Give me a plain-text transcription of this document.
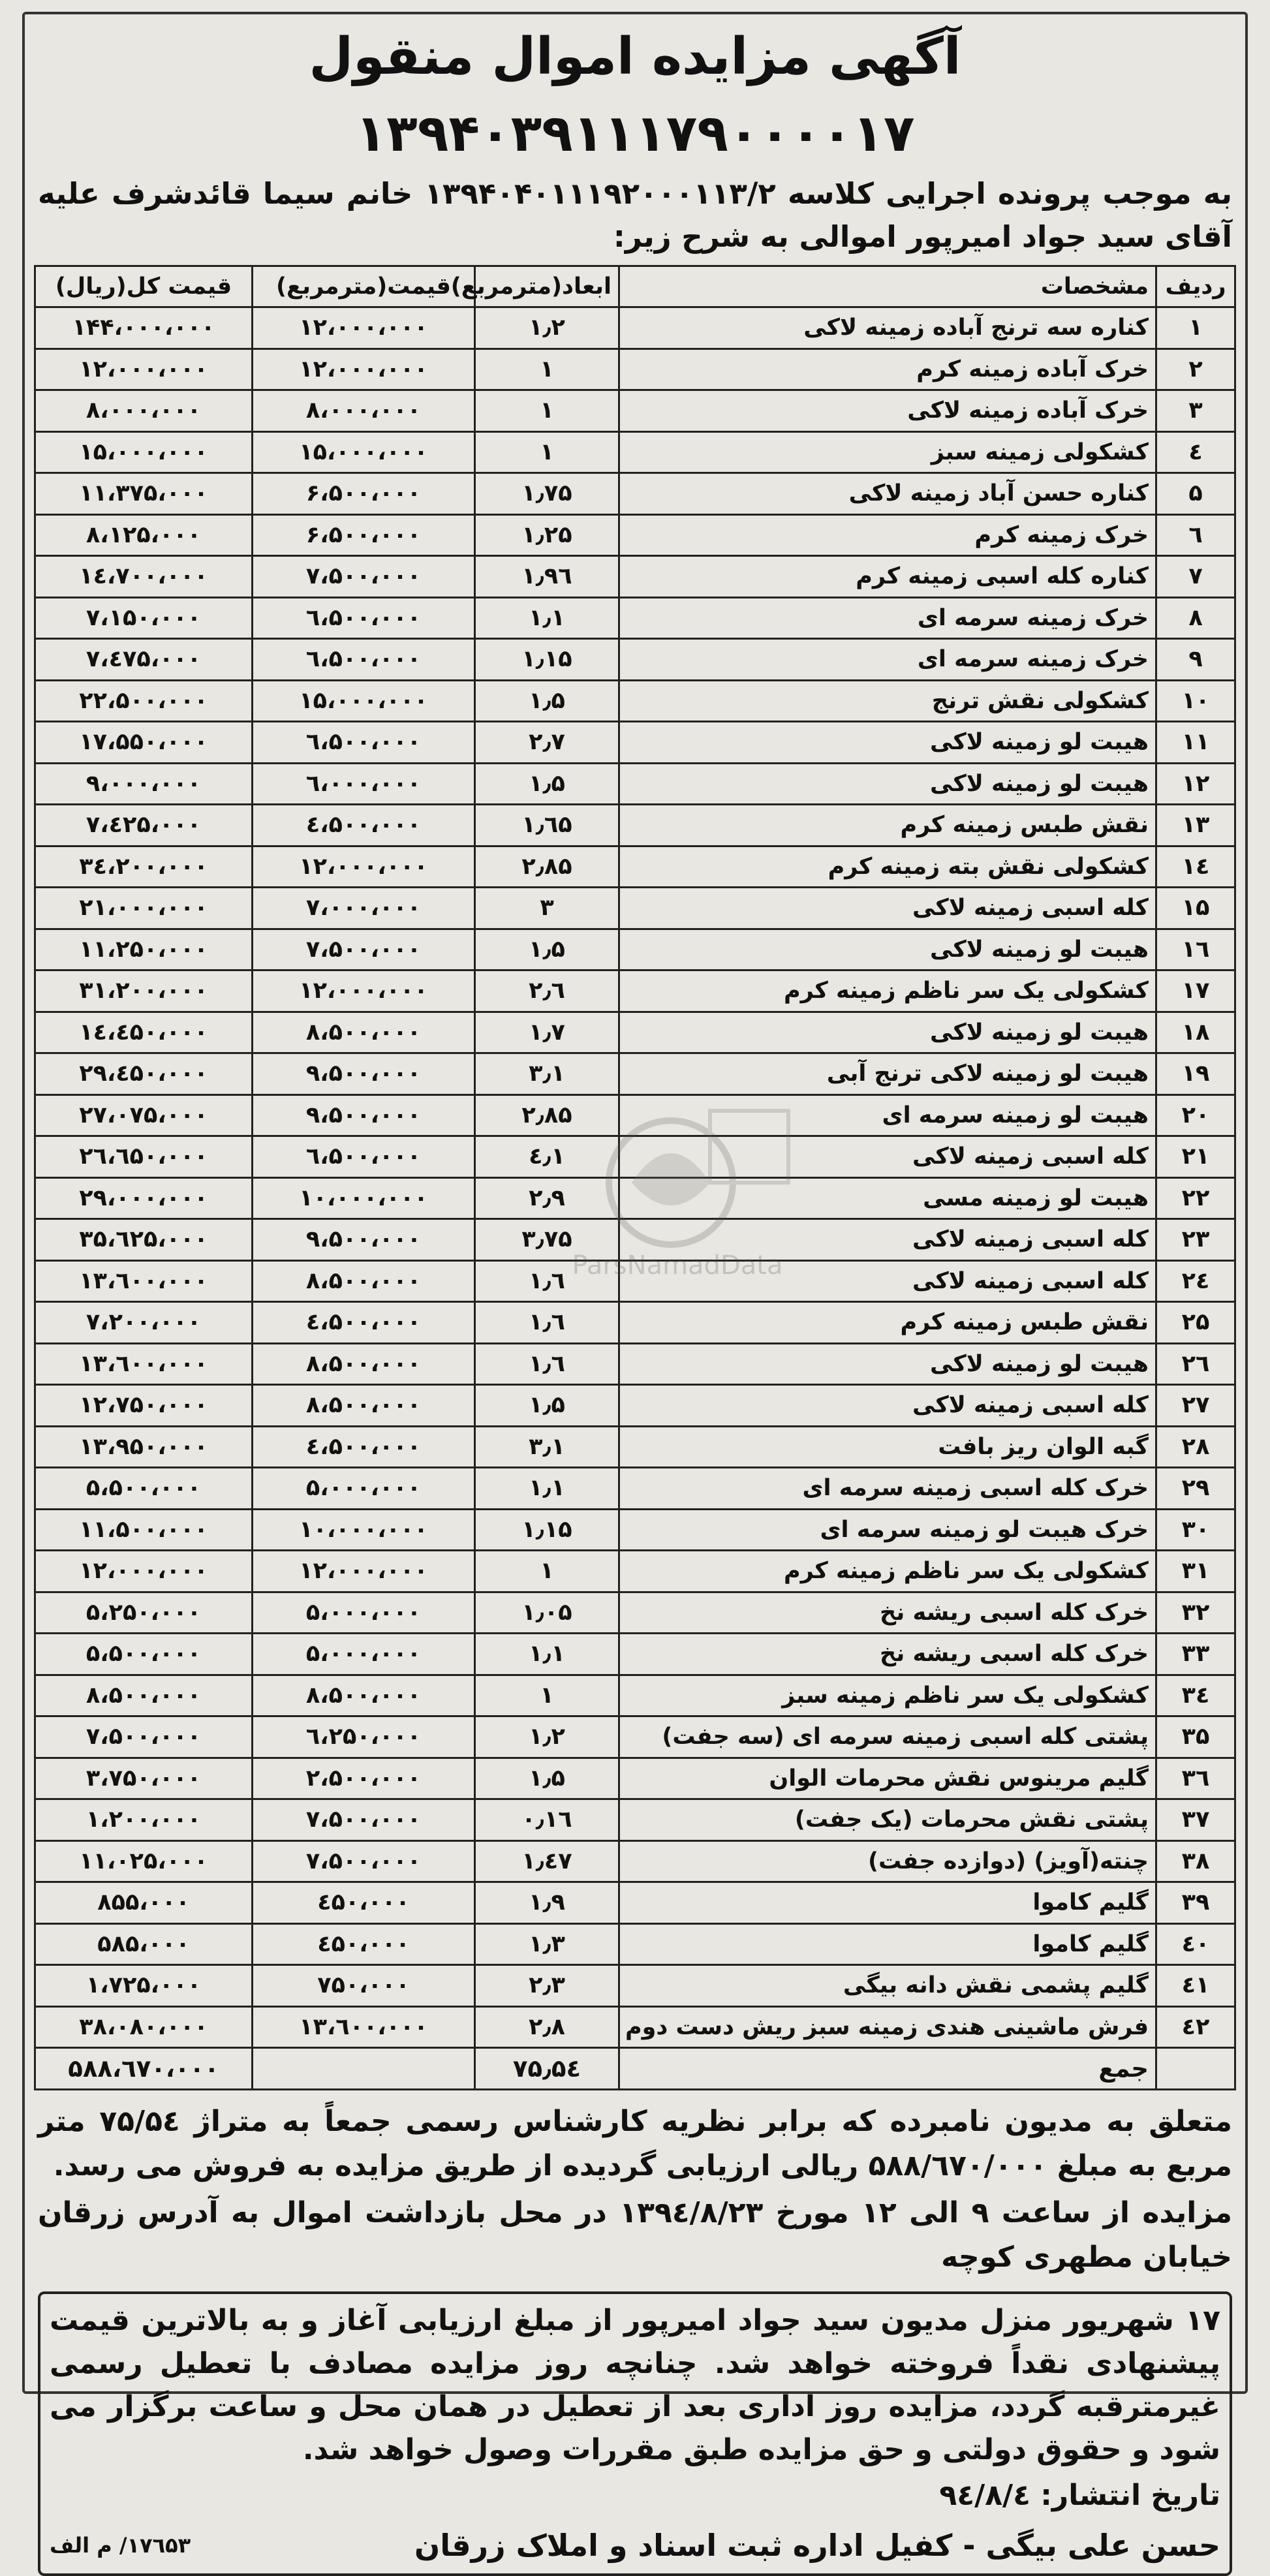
آگهی مزایده اموال منقول ۱۳۹۴۰۳۹۱۱۱۷۹۰۰۰۰۱۷

به موجب پرونده اجرایی کلاسه ۱۳۹۴۰۴۰۱۱۱۹۲۰۰۰۱۱۳/۲ خانم سیما قائدشرف علیه آقای سید جواد امیرپور اموالی به شرح زیر:

ردیف	مشخصات	ابعاد(مترمربع)	قیمت(مترمربع)	قیمت کل(ریال)
۱	کناره سه ترنج آباده زمینه لاکی	۱٫۲	۱۲،۰۰۰،۰۰۰	۱۴۴،۰۰۰،۰۰۰
۲	خرک آباده زمینه کرم	۱	۱۲،۰۰۰،۰۰۰	۱۲،۰۰۰،۰۰۰
۳	خرک آباده زمینه لاکی	۱	۸،۰۰۰،۰۰۰	۸،۰۰۰،۰۰۰
٤	کشکولی زمینه سبز	۱	۱۵،۰۰۰،۰۰۰	۱۵،۰۰۰،۰۰۰
۵	کناره حسن آباد زمینه لاکی	۱٫۷۵	۶،۵۰۰،۰۰۰	۱۱،۳۷۵،۰۰۰
٦	خرک زمینه کرم	۱٫۲۵	۶،۵۰۰،۰۰۰	۸،۱۲۵،۰۰۰
۷	کناره کله اسبی زمینه کرم	۱٫۹٦	۷،۵۰۰،۰۰۰	۱٤،۷۰۰،۰۰۰
۸	خرک زمینه سرمه ای	۱٫۱	٦،۵۰۰،۰۰۰	۷،۱۵۰،۰۰۰
۹	خرک زمینه سرمه ای	۱٫۱۵	٦،۵۰۰،۰۰۰	۷،٤۷۵،۰۰۰
۱۰	کشکولی نقش ترنج	۱٫۵	۱۵،۰۰۰،۰۰۰	۲۲،۵۰۰،۰۰۰
۱۱	هیبت لو زمینه لاکی	۲٫۷	٦،۵۰۰،۰۰۰	۱۷،۵۵۰،۰۰۰
۱۲	هیبت لو زمینه لاکی	۱٫۵	٦،۰۰۰،۰۰۰	۹،۰۰۰،۰۰۰
۱۳	نقش طبس زمینه کرم	۱٫٦۵	٤،۵۰۰،۰۰۰	۷،٤۲۵،۰۰۰
۱٤	کشکولی نقش بته زمینه کرم	۲٫۸۵	۱۲،۰۰۰،۰۰۰	۳٤،۲۰۰،۰۰۰
۱۵	کله اسبی زمینه لاکی	۳	۷،۰۰۰،۰۰۰	۲۱،۰۰۰،۰۰۰
۱٦	هیبت لو زمینه لاکی	۱٫۵	۷،۵۰۰،۰۰۰	۱۱،۲۵۰،۰۰۰
۱۷	کشکولی یک سر ناظم زمینه کرم	۲٫٦	۱۲،۰۰۰،۰۰۰	۳۱،۲۰۰،۰۰۰
۱۸	هیبت لو زمینه لاکی	۱٫۷	۸،۵۰۰،۰۰۰	۱٤،٤۵۰،۰۰۰
۱۹	هیبت لو زمینه لاکی ترنج آبی	۳٫۱	۹،۵۰۰،۰۰۰	۲۹،٤۵۰،۰۰۰
۲۰	هیبت لو زمینه سرمه ای	۲٫۸۵	۹،۵۰۰،۰۰۰	۲۷،۰۷۵،۰۰۰
۲۱	کله اسبی زمینه لاکی	٤٫۱	٦،۵۰۰،۰۰۰	۲٦،٦۵۰،۰۰۰
۲۲	هیبت لو زمینه مسی	۲٫۹	۱۰،۰۰۰،۰۰۰	۲۹،۰۰۰،۰۰۰
۲۳	کله اسبی زمینه لاکی	۳٫۷۵	۹،۵۰۰،۰۰۰	۳۵،٦۲۵،۰۰۰
۲٤	کله اسبی زمینه لاکی	۱٫٦	۸،۵۰۰،۰۰۰	۱۳،٦۰۰،۰۰۰
۲۵	نقش طبس زمینه کرم	۱٫٦	٤،۵۰۰،۰۰۰	۷،۲۰۰،۰۰۰
۲٦	هیبت لو زمینه لاکی	۱٫٦	۸،۵۰۰،۰۰۰	۱۳،٦۰۰،۰۰۰
۲۷	کله اسبی زمینه لاکی	۱٫۵	۸،۵۰۰،۰۰۰	۱۲،۷۵۰،۰۰۰
۲۸	گبه الوان ریز بافت	۳٫۱	٤،۵۰۰،۰۰۰	۱۳،۹۵۰،۰۰۰
۲۹	خرک کله اسبی زمینه سرمه ای	۱٫۱	۵،۰۰۰،۰۰۰	۵،۵۰۰،۰۰۰
۳۰	خرک هیبت لو زمینه سرمه ای	۱٫۱۵	۱۰،۰۰۰،۰۰۰	۱۱،۵۰۰،۰۰۰
۳۱	کشکولی یک سر ناظم زمینه کرم	۱	۱۲،۰۰۰،۰۰۰	۱۲،۰۰۰،۰۰۰
۳۲	خرک کله اسبی ریشه نخ	۱٫۰۵	۵،۰۰۰،۰۰۰	۵،۲۵۰،۰۰۰
۳۳	خرک کله اسبی ریشه نخ	۱٫۱	۵،۰۰۰،۰۰۰	۵،۵۰۰،۰۰۰
۳٤	کشکولی یک سر ناظم زمینه سبز	۱	۸،۵۰۰،۰۰۰	۸،۵۰۰،۰۰۰
۳۵	پشتی کله اسبی زمینه سرمه ای (سه جفت)	۱٫۲	٦،۲۵۰،۰۰۰	۷،۵۰۰،۰۰۰
۳٦	گلیم مرینوس نقش محرمات الوان	۱٫۵	۲،۵۰۰،۰۰۰	۳،۷۵۰،۰۰۰
۳۷	پشتی نقش محرمات (یک جفت)	۰٫۱٦	۷،۵۰۰،۰۰۰	۱،۲۰۰،۰۰۰
۳۸	چنته(آویز) (دوازده جفت)	۱٫٤۷	۷،۵۰۰،۰۰۰	۱۱،۰۲۵،۰۰۰
۳۹	گلیم کاموا	۱٫۹	٤۵۰،۰۰۰	۸۵۵،۰۰۰
٤۰	گلیم کاموا	۱٫۳	٤۵۰،۰۰۰	۵۸۵،۰۰۰
٤۱	گلیم پشمی نقش دانه بیگی	۲٫۳	۷۵۰،۰۰۰	۱،۷۲۵،۰۰۰
٤۲	فرش ماشینی هندی زمینه سبز ریش دست دوم	۲٫۸	۱۳،٦۰۰،۰۰۰	۳۸،۰۸۰،۰۰۰
	جمع	۷۵٫۵٤		۵۸۸،٦۷۰،۰۰۰

متعلق به مدیون نامبرده که برابر نظریه کارشناس رسمی جمعاً به متراژ ۷۵/۵٤ متر مربع به مبلغ ۵۸۸/٦۷۰/۰۰۰ ریالی ارزیابی گردیده از طریق مزایده به فروش می رسد.

مزایده از ساعت ۹ الی ۱۲ مورخ ۱۳۹٤/۸/۲۳ در محل بازداشت اموال به آدرس زرقان خیابان مطهری کوچه

۱۷ شهریور منزل مدیون سید جواد امیرپور از مبلغ ارزیابی آغاز و به بالاترین قیمت پیشنهادی نقداً فروخته خواهد شد. چنانچه روز مزایده مصادف با تعطیل رسمی غیرمترقبه گردد، مزایده روز اداری بعد از تعطیل در همان محل و ساعت برگزار می شود و حقوق دولتی و حق مزایده طبق مقررات وصول خواهد شد.
تاریخ انتشار: ۹٤/۸/٤
حسن علی بیگی - کفیل اداره ثبت اسناد و املاک زرقان
۱۷٦۵۳/ م الف
ParsNamadData
